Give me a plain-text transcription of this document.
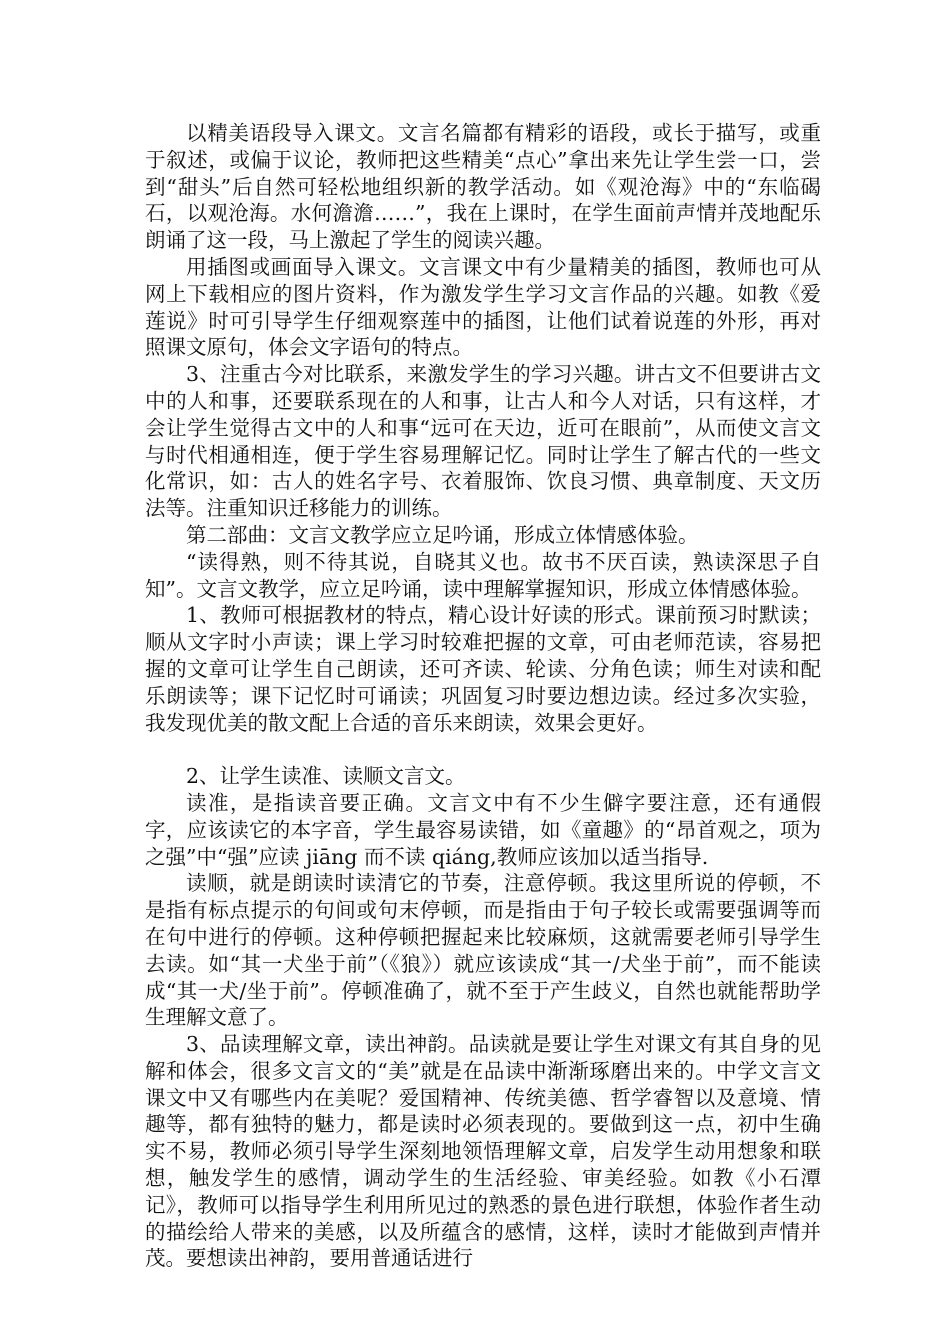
以精美语段导入课文。文言名篇都有精彩的语段，或长于描写，或重于叙述，或偏于议论，教师把这些精美“点心”拿出来先让学生尝一口，尝到“甜头”后自然可轻松地组织新的教学活动。如《观沧海》中的“东临碣石，以观沧海。水何澹澹……”，我在上课时，在学生面前声情并茂地配乐朗诵了这一段，马上激起了学生的阅读兴趣。

用插图或画面导入课文。文言课文中有少量精美的插图，教师也可从网上下载相应的图片资料，作为激发学生学习文言作品的兴趣。如教《爱莲说》时可引导学生仔细观察莲中的插图，让他们试着说莲的外形，再对照课文原句，体会文字语句的特点。

3、注重古今对比联系，来激发学生的学习兴趣。讲古文不但要讲古文中的人和事，还要联系现在的人和事，让古人和今人对话，只有这样，才会让学生觉得古文中的人和事“远可在天边，近可在眼前”，从而使文言文与时代相通相连，便于学生容易理解记忆。同时让学生了解古代的一些文化常识，如：古人的姓名字号、衣着服饰、饮良习惯、典章制度、天文历法等。注重知识迁移能力的训练。

第二部曲：文言文教学应立足吟诵，形成立体情感体验。

“读得熟，则不待其说，自晓其义也。故书不厌百读，熟读深思子自知”。文言文教学，应立足吟诵，读中理解掌握知识，形成立体情感体验。

1、教师可根据教材的特点，精心设计好读的形式。课前预习时默读；顺从文字时小声读；课上学习时较难把握的文章，可由老师范读，容易把握的文章可让学生自己朗读，还可齐读、轮读、分角色读；师生对读和配乐朗读等；课下记忆时可诵读；巩固复习时要边想边读。经过多次实验，我发现优美的散文配上合适的音乐来朗读，效果会更好。

2、让学生读准、读顺文言文。

读准，是指读音要正确。文言文中有不少生僻字要注意，还有通假字，应该读它的本字音，学生最容易读错，如《童趣》的“昂首观之，项为之强”中“强”应读 jiāng 而不读 qiáng,教师应该加以适当指导.

读顺，就是朗读时读清它的节奏，注意停顿。我这里所说的停顿，不是指有标点提示的句间或句末停顿，而是指由于句子较长或需要强调等而在句中进行的停顿。这种停顿把握起来比较麻烦，这就需要老师引导学生去读。如“其一犬坐于前”（《狼》）就应该读成“其一/犬坐于前”，而不能读成“其一犬/坐于前”。停顿准确了，就不至于产生歧义，自然也就能帮助学生理解文意了。

3、品读理解文章，读出神韵。品读就是要让学生对课文有其自身的见解和体会，很多文言文的“美”就是在品读中渐渐琢磨出来的。中学文言文课文中又有哪些内在美呢？爱国精神、传统美德、哲学睿智以及意境、情趣等，都有独特的魅力，都是读时必须表现的。要做到这一点，初中生确实不易，教师必须引导学生深刻地领悟理解文章，启发学生动用想象和联想，触发学生的感情，调动学生的生活经验、审美经验。如教《小石潭记》，教师可以指导学生利用所见过的熟悉的景色进行联想，体验作者生动的描绘给人带来的美感，以及所蕴含的感情，这样，读时才能做到声情并茂。要想读出神韵，要用普通话进行
